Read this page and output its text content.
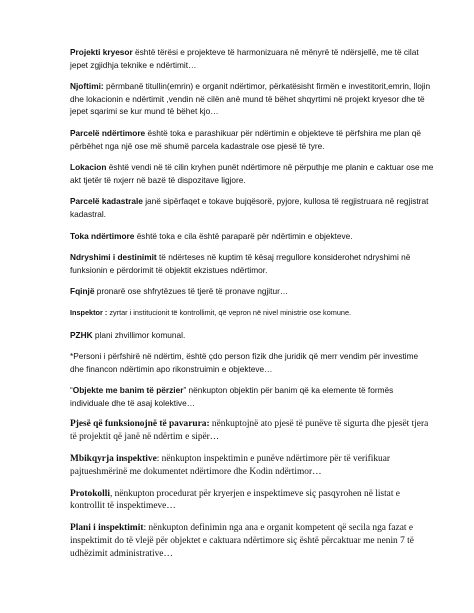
Projekti kryesor është tërësi e projekteve të harmonizuara në mënyrë të ndërsjellë, me të cilat jepet zgjidhja teknike e ndërtimit…

Njoftimi: përmbanë titullin(emrin) e organit ndërtimor, përkatësisht firmën e investitorit,emrin, llojin dhe lokacionin e ndërtimit ,vendin në cilën anë mund të bëhet shqyrtimi në projekt kryesor dhe të jepet sqarimi se kur mund të bëhet kjo…

Parcelë ndërtimore është toka e parashikuar për ndërtimin e objekteve të përfshira me plan që përbëhet nga një ose më shumë parcela kadastrale ose pjesë të tyre.

Lokacion është vendi në të cilin kryhen punët ndërtimore në përputhje me planin e caktuar ose me akt tjetër të nxjerr në bazë të dispozitave ligjore.

Parcelë kadastrale janë sipërfaqet e tokave bujqësorë, pyjore, kullosa të regjistruara në regjistrat kadastral.

Toka ndërtimore është toka e cila është paraparë për ndërtimin e objekteve.

Ndryshimi i destinimit të ndërteses në kuptim të kësaj rregullore konsiderohet ndryshimi në funksionin e përdorimit të objektit ekzistues ndërtimor.

Fqinjë pronarë ose shfrytëzues të tjerë të pronave ngjitur…

Inspektor : zyrtar i institucionit të kontrollimit, që vepron në nivel ministrie ose komune.

PZHK plani zhvillimor komunal.

*Personi i përfshirë në ndërtim, është çdo person fizik dhe juridik që merr vendim për investime dhe financon ndërtimin apo rikonstruimin e objekteve…

“Objekte me banim të përzier” nënkupton objektin për banim që ka elemente të formës individuale dhe të asaj kolektive…

Pjesë që funksionojnë të pavarura: nënkuptojnë ato pjesë të punëve të sigurta dhe pjesët tjera të projektit që janë në ndërtim e sipër…

Mbikqyrja inspektive: nënkupton inspektimin e punëve ndërtimore për të verifikuar pajtueshmërinë me dokumentet ndërtimore dhe Kodin ndërtimor…

Protokolli, nënkupton procedurat për kryerjen e inspektimeve siç pasqyrohen në listat e kontrollit të inspektimeve…

Plani i inspektimit: nënkupton definimin nga ana e organit kompetent që secila nga fazat e inspektimit do të vlejë për objektet e caktuara ndërtimore siç është përcaktuar me nenin 7 të udhëzimit administrative…
